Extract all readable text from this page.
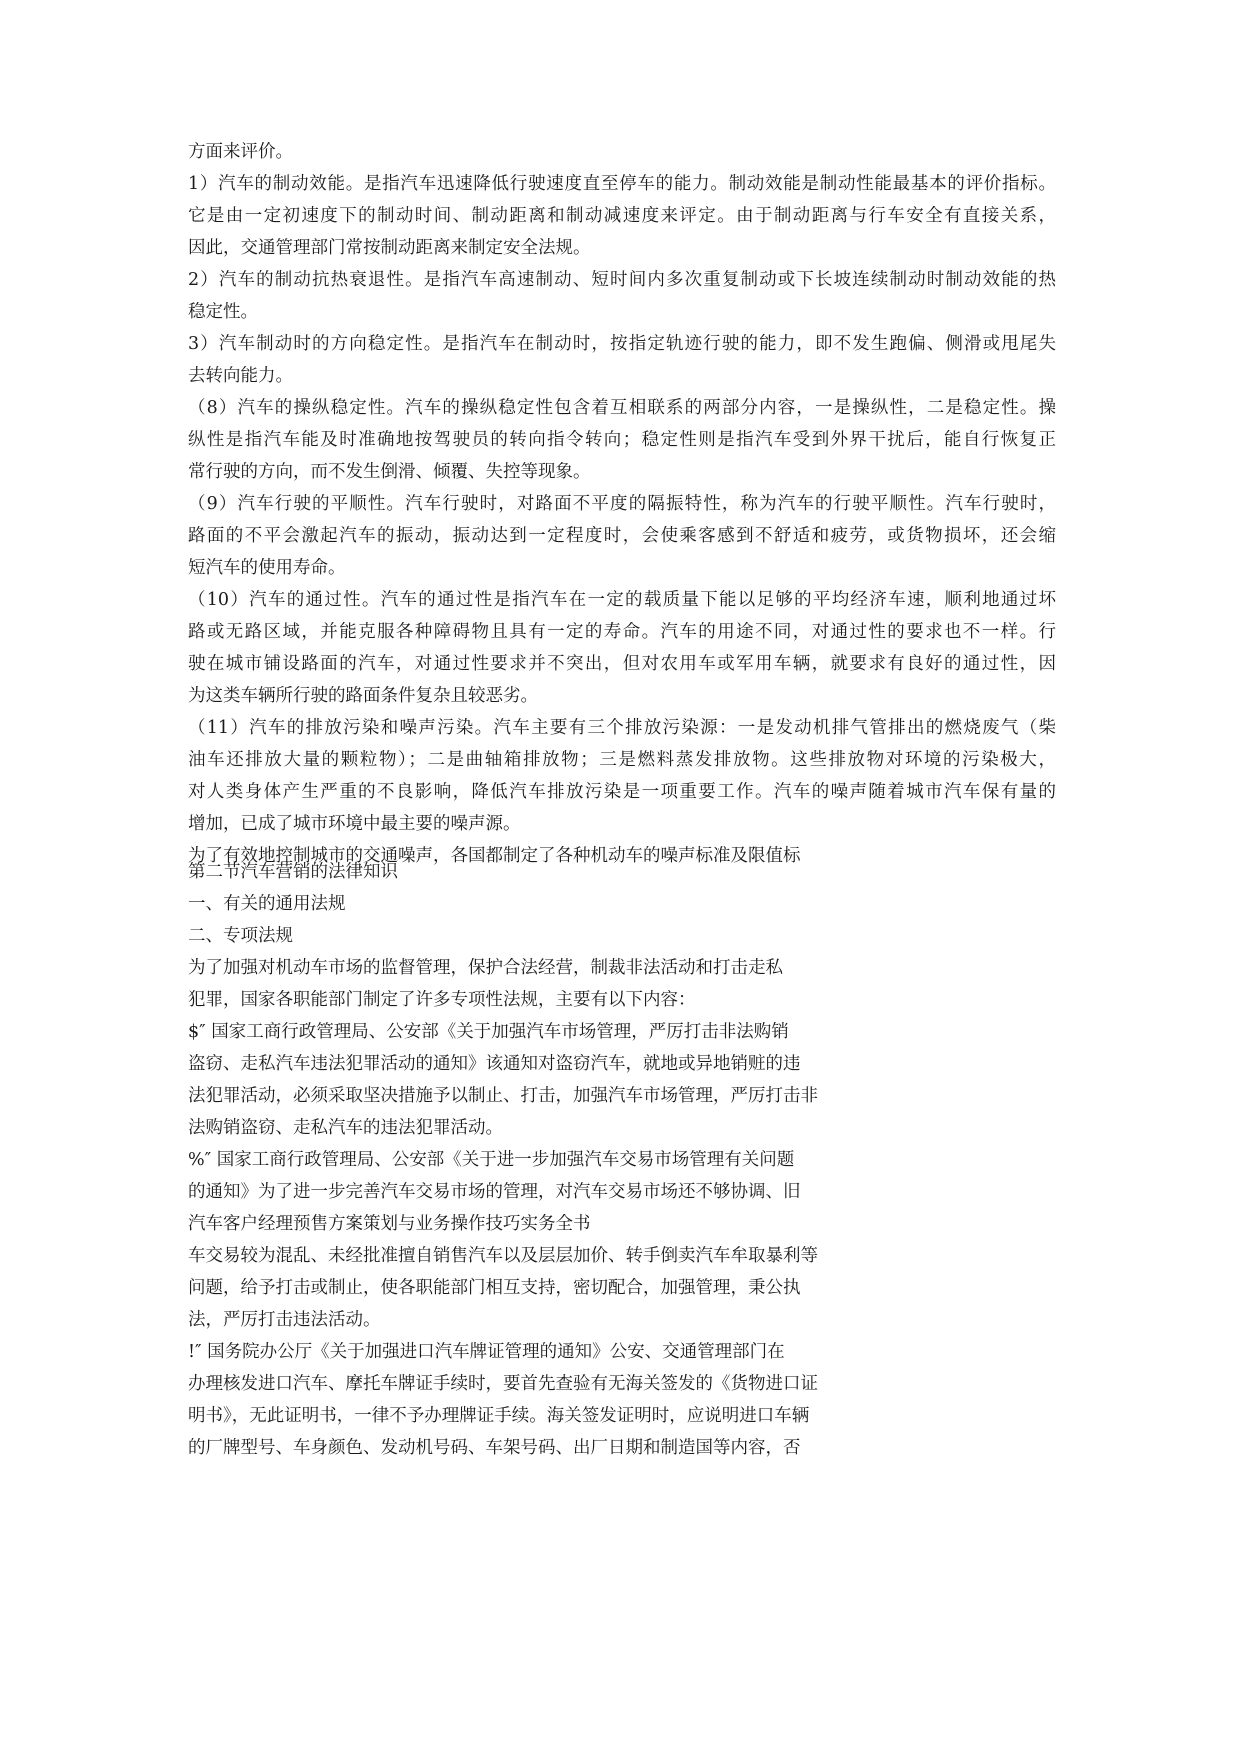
方面来评价。
1）汽车的制动效能。是指汽车迅速降低行驶速度直至停车的能力。制动效能是制动性能最基本的评价指标。
它是由一定初速度下的制动时间、制动距离和制动减速度来评定。由于制动距离与行车安全有直接关系，
因此，交通管理部门常按制动距离来制定安全法规。
2）汽车的制动抗热衰退性。是指汽车高速制动、短时间内多次重复制动或下长坡连续制动时制动效能的热
稳定性。
3）汽车制动时的方向稳定性。是指汽车在制动时，按指定轨迹行驶的能力，即不发生跑偏、侧滑或甩尾失
去转向能力。
（8）汽车的操纵稳定性。汽车的操纵稳定性包含着互相联系的两部分内容，一是操纵性，二是稳定性。操
纵性是指汽车能及时准确地按驾驶员的转向指令转向；稳定性则是指汽车受到外界干扰后，能自行恢复正
常行驶的方向，而不发生倒滑、倾覆、失控等现象。
（9）汽车行驶的平顺性。汽车行驶时，对路面不平度的隔振特性，称为汽车的行驶平顺性。汽车行驶时，
路面的不平会激起汽车的振动，振动达到一定程度时，会使乘客感到不舒适和疲劳，或货物损坏，还会缩
短汽车的使用寿命。
（10）汽车的通过性。汽车的通过性是指汽车在一定的载质量下能以足够的平均经济车速，顺利地通过坏
路或无路区域，并能克服各种障碍物且具有一定的寿命。汽车的用途不同，对通过性的要求也不一样。行
驶在城市铺设路面的汽车，对通过性要求并不突出，但对农用车或军用车辆，就要求有良好的通过性，因
为这类车辆所行驶的路面条件复杂且较恶劣。
（11）汽车的排放污染和噪声污染。汽车主要有三个排放污染源：一是发动机排气管排出的燃烧废气（柴
油车还排放大量的颗粒物）；二是曲轴箱排放物；三是燃料蒸发排放物。这些排放物对环境的污染极大，
对人类身体产生严重的不良影响，降低汽车排放污染是一项重要工作。汽车的噪声随着城市汽车保有量的
增加，已成了城市环境中最主要的噪声源。
为了有效地控制城市的交通噪声，各国都制定了各种机动车的噪声标准及限值标
第二节汽车营销的法律知识
一、有关的通用法规
二、专项法规
为了加强对机动车市场的监督管理，保护合法经营，制裁非法活动和打击走私
犯罪，国家各职能部门制定了许多专项性法规，主要有以下内容：
$″ 国家工商行政管理局、公安部《关于加强汽车市场管理，严厉打击非法购销
盗窃、走私汽车违法犯罪活动的通知》该通知对盗窃汽车，就地或异地销赃的违
法犯罪活动，必须采取坚决措施予以制止、打击，加强汽车市场管理，严厉打击非
法购销盗窃、走私汽车的违法犯罪活动。
%″ 国家工商行政管理局、公安部《关于进一步加强汽车交易市场管理有关问题
的通知》为了进一步完善汽车交易市场的管理，对汽车交易市场还不够协调、旧
汽车客户经理预售方案策划与业务操作技巧实务全书
车交易较为混乱、未经批准擅自销售汽车以及层层加价、转手倒卖汽车牟取暴利等
问题，给予打击或制止，使各职能部门相互支持，密切配合，加强管理，秉公执
法，严厉打击违法活动。
!″ 国务院办公厅《关于加强进口汽车牌证管理的通知》公安、交通管理部门在
办理核发进口汽车、摩托车牌证手续时，要首先查验有无海关签发的《货物进口证
明书》，无此证明书，一律不予办理牌证手续。海关签发证明时，应说明进口车辆
的厂牌型号、车身颜色、发动机号码、车架号码、出厂日期和制造国等内容，否
